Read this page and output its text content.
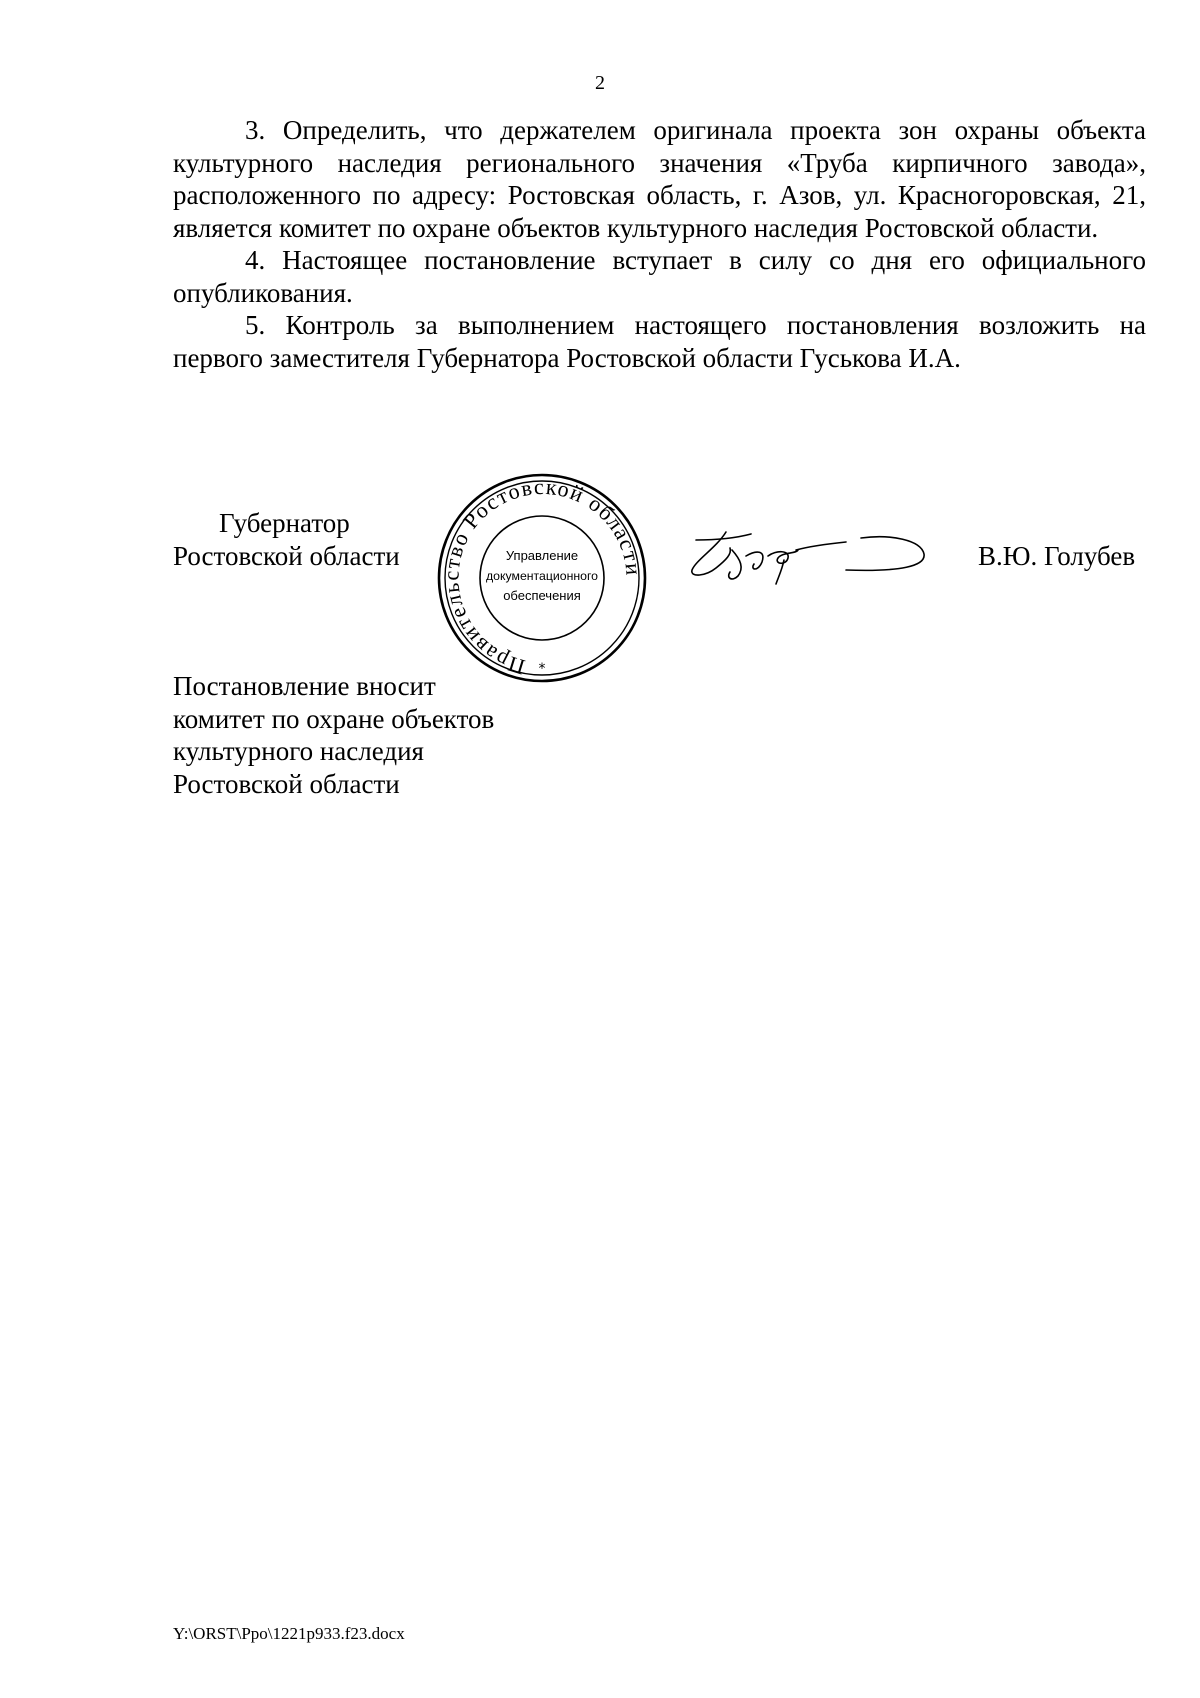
2

3. Определить, что держателем оригинала проекта зон охраны объекта культурного наследия регионального значения «Труба кирпичного завода», расположенного по адресу: Ростовская область, г. Азов, ул. Красногоровская, 21, является комитет по охране объектов культурного наследия Ростовской области.

4. Настоящее постановление вступает в силу со дня его официального опубликования.

5. Контроль за выполнением настоящего постановления возложить на первого заместителя Губернатора Ростовской области Гуськова И.А.

Губернатор
Ростовской области
Правительство Ростовской области
Управление
документационного
обеспечения
*
В.Ю. Голубев
Постановление вносит
комитет по охране объектов
культурного наследия
Ростовской области
Y:\ORST\Ppo\1221p933.f23.docx
